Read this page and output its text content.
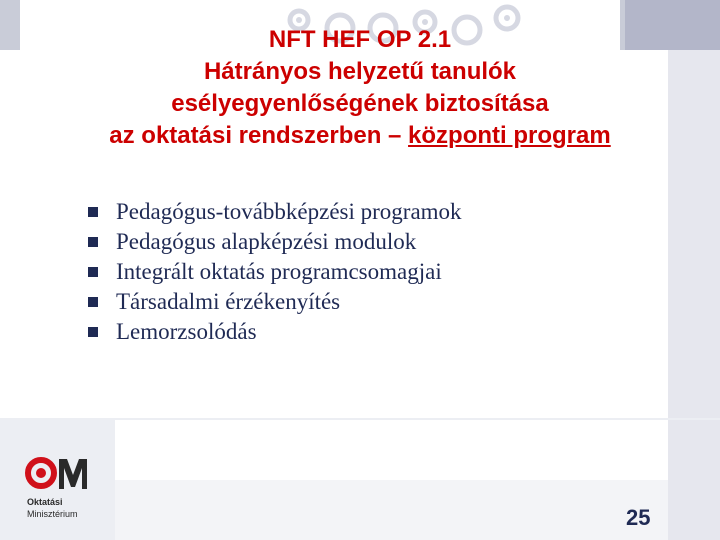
NFT HEF OP 2.1
Hátrányos helyzetű tanulók
esélyegyenlőségének biztosítása
az oktatási rendszerben – központi program
Pedagógus-továbbképzési programok
Pedagógus alapképzési modulok
Integrált oktatás programcsomagjai
Társadalmi érzékenyítés
Lemorzsolódás
Oktatási
Minisztérium	25
